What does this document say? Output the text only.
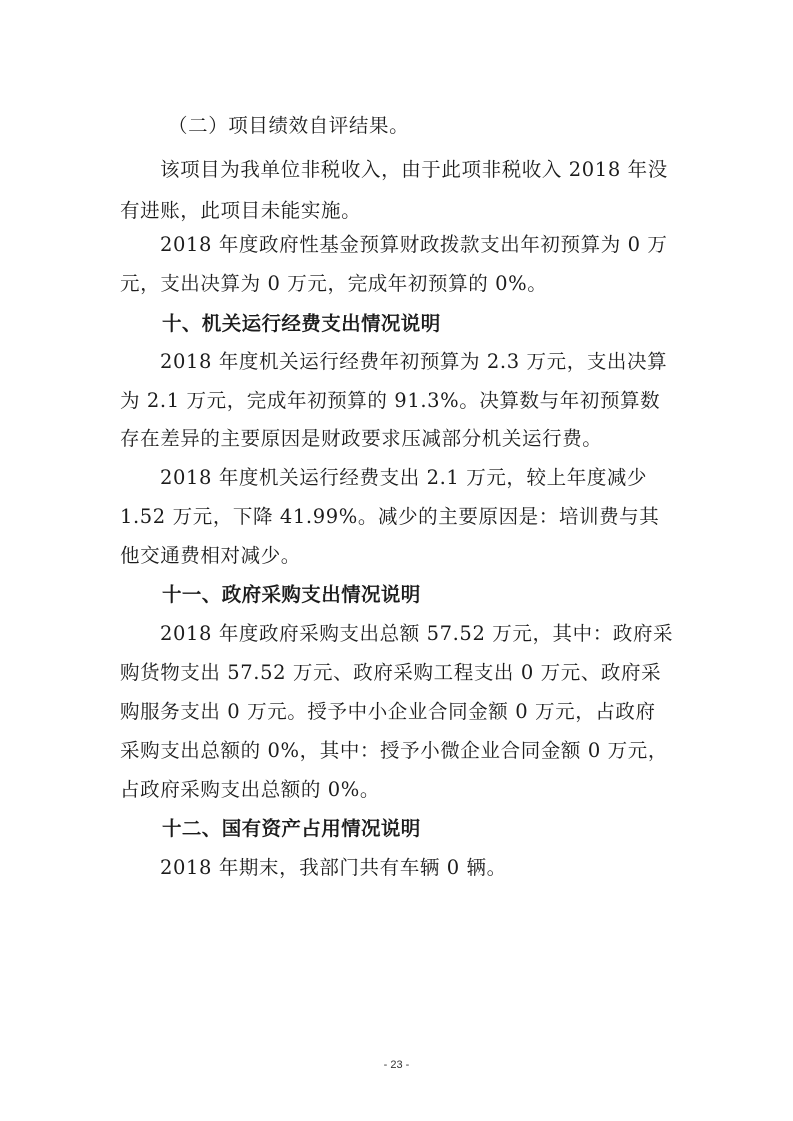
（二）项目绩效自评结果。
该项目为我单位非税收入，由于此项非税收入 2018 年没
有进账，此项目未能实施。
2018 年度政府性基金预算财政拨款支出年初预算为 0 万
元，支出决算为 0 万元，完成年初预算的 0%。
十、机关运行经费支出情况说明
2018 年度机关运行经费年初预算为 2.3 万元，支出决算
为 2.1 万元，完成年初预算的 91.3%。决算数与年初预算数
存在差异的主要原因是财政要求压减部分机关运行费。
2018 年度机关运行经费支出 2.1 万元，较上年度减少
1.52 万元，下降 41.99%。减少的主要原因是：培训费与其
他交通费相对减少。
十一、政府采购支出情况说明
2018 年度政府采购支出总额 57.52 万元，其中：政府采
购货物支出 57.52 万元、政府采购工程支出 0 万元、政府采
购服务支出 0 万元。授予中小企业合同金额 0 万元，占政府
采购支出总额的 0%，其中：授予小微企业合同金额 0 万元，
占政府采购支出总额的 0%。
十二、国有资产占用情况说明
2018 年期末，我部门共有车辆 0 辆。
- 23 -
